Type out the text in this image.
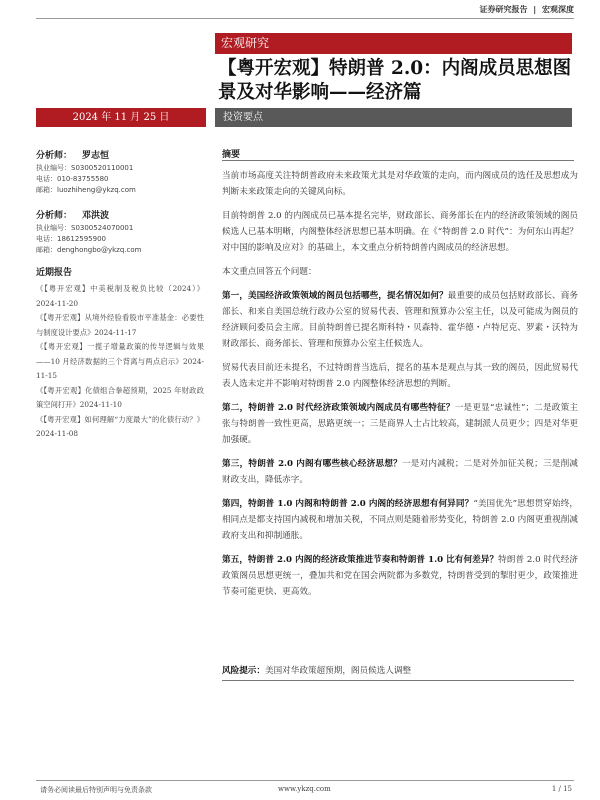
证券研究报告 | 宏观深度
宏观研究
【粤开宏观】特朗普 2.0：内阁成员思想图景及对华影响——经济篇
2024 年 11 月 25 日	投资要点
分析师： 罗志恒
执业编号：S0300520110001
电话：010-83755580
邮箱：luozhiheng@ykzq.com
分析师： 邓洪波
执业编号：S0300524070001
电话：18612595900
邮箱：denghongbo@ykzq.com
近期报告
《【粤开宏观】中美税制及税负比较（2024）》2024-11-20
《【粤开宏观】从境外经验看股市平准基金：必要性与制度设计要点》2024-11-17
《【粤开宏观】一揽子增量政策的传导逻辑与效果——10 月经济数据的三个背离与两点启示》2024-11-15
《【粤开宏观】化债组合拳超预期，2025 年财政政策空间打开》2024-11-10
《【粤开宏观】如何理解“力度最大”的化债行动？》2024-11-08
摘要

当前市场高度关注特朗普政府未来政策尤其是对华政策的走向，而内阁成员的选任及思想成为判断未来政策走向的关键风向标。

目前特朗普 2.0 的内阁成员已基本提名完毕，财政部长、商务部长在内的经济政策领域的阁员候选人已基本明晰，内阁整体经济思想已基本明确。在《“特朗普 2.0 时代”：为何东山再起？对中国的影响及应对》的基础上，本文重点分析特朗普内阁成员的经济思想。

本文重点回答五个问题：

第一，美国经济政策领域的阁员包括哪些，提名情况如何？最重要的成员包括财政部长、商务部长、和来自美国总统行政办公室的贸易代表、管理和预算办公室主任，以及可能成为阁员的经济顾问委员会主席。目前特朗普已提名斯科特・贝森特、霍华德・卢特尼克、罗素・沃特为财政部长、商务部长、管理和预算办公室主任候选人。

贸易代表目前还未提名，不过特朗普当选后，提名的基本是观点与其一致的阁员，因此贸易代表人选未定并不影响对特朗普 2.0 内阁整体经济思想的判断。

第二，特朗普 2.0 时代经济政策领域内阁成员有哪些特征？一是更显“忠诚性”；二是政策主张与特朗普一致性更高，思路更统一；三是商界人士占比较高，建制派人员更少；四是对华更加强硬。

第三，特朗普 2.0 内阁有哪些核心经济思想？一是对内减税；二是对外加征关税；三是削减财政支出，降低赤字。

第四，特朗普 1.0 内阁和特朗普 2.0 内阁的经济思想有何异同？“美国优先”思想贯穿始终，相同点是都支持国内减税和增加关税，不同点则是随着形势变化，特朗普 2.0 内阁更重视削减政府支出和抑制通胀。

第五，特朗普 2.0 内阁的经济政策推进节奏和特朗普 1.0 比有何差异？特朗普 2.0 时代经济政策阁员思想更统一，叠加共和党在国会两院都为多数党，特朗普受到的掣肘更少，政策推进节奏可能更快、更高效。

风险提示：美国对华政策超预期，阁员候选人调整
请务必阅读最后特别声明与免责条款	www.ykzq.com	1 / 15
